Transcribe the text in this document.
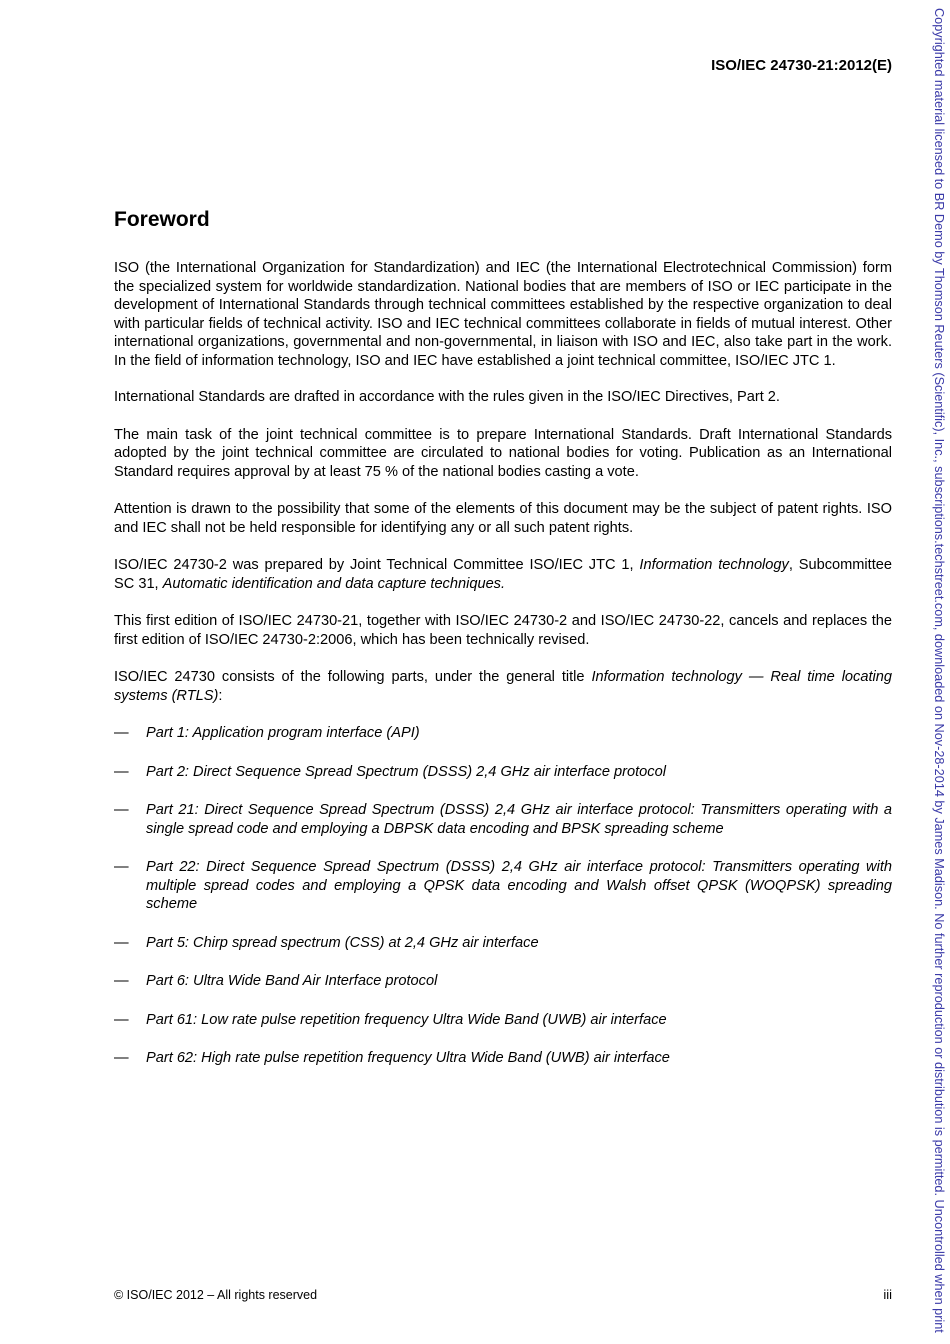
ISO/IEC 24730-21:2012(E)
Foreword

ISO (the International Organization for Standardization) and IEC (the International Electrotechnical Commission) form the specialized system for worldwide standardization. National bodies that are members of ISO or IEC participate in the development of International Standards through technical committees established by the respective organization to deal with particular fields of technical activity. ISO and IEC technical committees collaborate in fields of mutual interest. Other international organizations, governmental and non-governmental, in liaison with ISO and IEC, also take part in the work. In the field of information technology, ISO and IEC have established a joint technical committee, ISO/IEC JTC 1.

International Standards are drafted in accordance with the rules given in the ISO/IEC Directives, Part 2.

The main task of the joint technical committee is to prepare International Standards. Draft International Standards adopted by the joint technical committee are circulated to national bodies for voting. Publication as an International Standard requires approval by at least 75 % of the national bodies casting a vote.

Attention is drawn to the possibility that some of the elements of this document may be the subject of patent rights. ISO and IEC shall not be held responsible for identifying any or all such patent rights.

ISO/IEC 24730-2 was prepared by Joint Technical Committee ISO/IEC JTC 1, Information technology, Subcommittee SC 31, Automatic identification and data capture techniques.

This first edition of ISO/IEC 24730-21, together with ISO/IEC 24730-2 and ISO/IEC 24730-22, cancels and replaces the first edition of ISO/IEC 24730-2:2006, which has been technically revised.

ISO/IEC 24730 consists of the following parts, under the general title Information technology — Real time locating systems (RTLS):

—	Part 1: Application program interface (API)
—	Part 2: Direct Sequence Spread Spectrum (DSSS) 2,4 GHz air interface protocol
—	Part 21: Direct Sequence Spread Spectrum (DSSS) 2,4 GHz air interface protocol: Transmitters operating with a single spread code and employing a DBPSK data encoding and BPSK spreading scheme
—	Part 22: Direct Sequence Spread Spectrum (DSSS) 2,4 GHz air interface protocol: Transmitters operating with multiple spread codes and employing a QPSK data encoding and Walsh offset QPSK (WOQPSK) spreading scheme
—	Part 5: Chirp spread spectrum (CSS) at 2,4 GHz air interface
—	Part 6: Ultra Wide Band Air Interface protocol
—	Part 61: Low rate pulse repetition frequency Ultra Wide Band (UWB) air interface
—	Part 62: High rate pulse repetition frequency Ultra Wide Band (UWB) air interface
© ISO/IEC 2012 – All rights reserved	iii	Copyrighted material licensed to BR Demo by Thomson Reuters (Scientific), Inc., subscriptions.techstreet.com, downloaded on Nov-28-2014 by James Madison. No further reproduction or distribution is permitted. Uncontrolled when print
